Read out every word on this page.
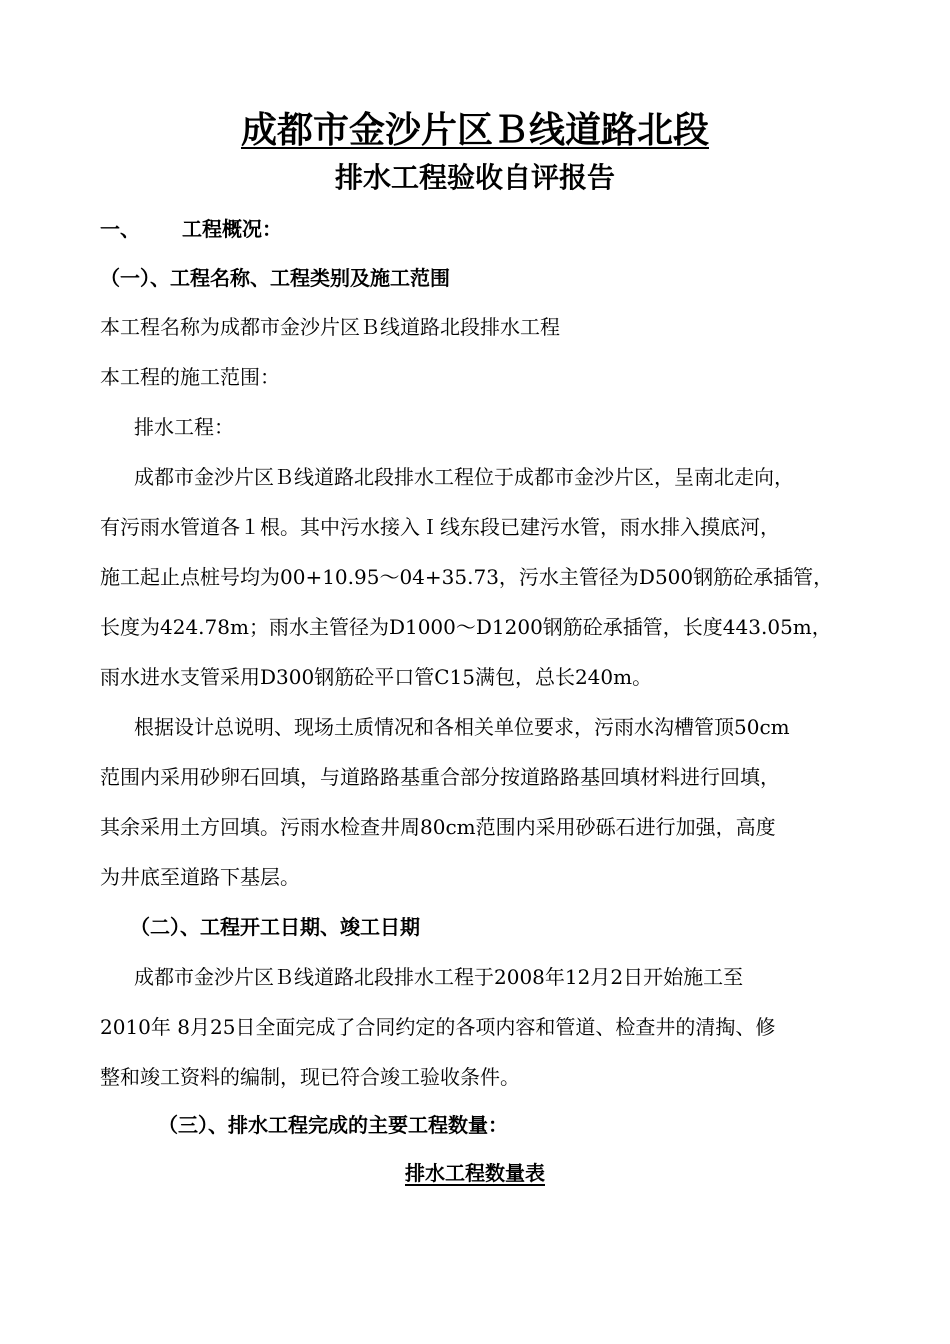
成都市金沙片区Ｂ线道路北段
排水工程验收自评报告
一、 工程概况：
（一）、工程名称、工程类别及施工范围
本工程名称为成都市金沙片区Ｂ线道路北段排水工程
本工程的施工范围：
排水工程：
成都市金沙片区Ｂ线道路北段排水工程位于成都市金沙片区，呈南北走向，
有污雨水管道各１根。其中污水接入Ｉ线东段已建污水管，雨水排入摸底河，
施工起止点桩号均为00+10.95～04+35.73，污水主管径为D500钢筋砼承插管，
长度为424.78m；雨水主管径为D1000～D1200钢筋砼承插管，长度443.05m，
雨水进水支管采用D300钢筋砼平口管C15满包，总长240m。
根据设计总说明、现场土质情况和各相关单位要求，污雨水沟槽管顶50cm
范围内采用砂卵石回填，与道路路基重合部分按道路路基回填材料进行回填，
其余采用土方回填。污雨水检查井周80cm范围内采用砂砾石进行加强，高度
为井底至道路下基层。
（二）、工程开工日期、竣工日期
成都市金沙片区Ｂ线道路北段排水工程于2008年12月2日开始施工至
2010年 8月25日全面完成了合同约定的各项内容和管道、检查井的清掏、修
整和竣工资料的编制，现已符合竣工验收条件。
（三）、排水工程完成的主要工程数量：
排水工程数量表
